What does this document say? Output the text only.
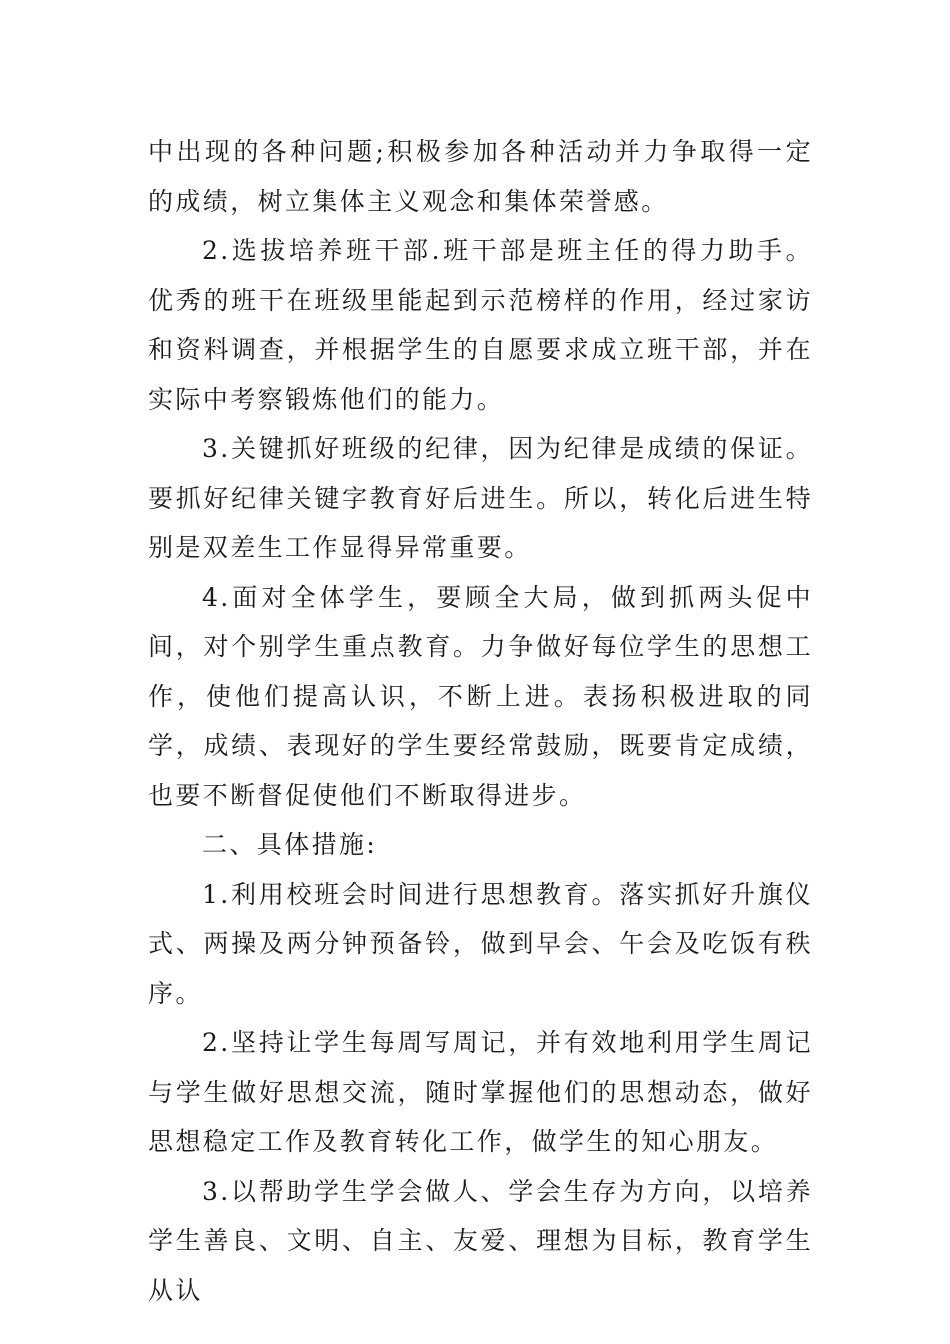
中出现的各种问题;积极参加各种活动并力争取得一定的成绩，树立集体主义观念和集体荣誉感。

2.选拔培养班干部.班干部是班主任的得力助手。优秀的班干在班级里能起到示范榜样的作用，经过家访和资料调查，并根据学生的自愿要求成立班干部，并在实际中考察锻炼他们的能力。

3.关键抓好班级的纪律，因为纪律是成绩的保证。要抓好纪律关键字教育好后进生。所以，转化后进生特别是双差生工作显得异常重要。

4.面对全体学生，要顾全大局，做到抓两头促中间，对个别学生重点教育。力争做好每位学生的思想工作，使他们提高认识，不断上进。表扬积极进取的同学，成绩、表现好的学生要经常鼓励，既要肯定成绩，也要不断督促使他们不断取得进步。

二、具体措施:

1.利用校班会时间进行思想教育。落实抓好升旗仪式、两操及两分钟预备铃，做到早会、午会及吃饭有秩序。

2.坚持让学生每周写周记，并有效地利用学生周记与学生做好思想交流，随时掌握他们的思想动态，做好思想稳定工作及教育转化工作，做学生的知心朋友。

3.以帮助学生学会做人、学会生存为方向，以培养学生善良、文明、自主、友爱、理想为目标，教育学生从认
